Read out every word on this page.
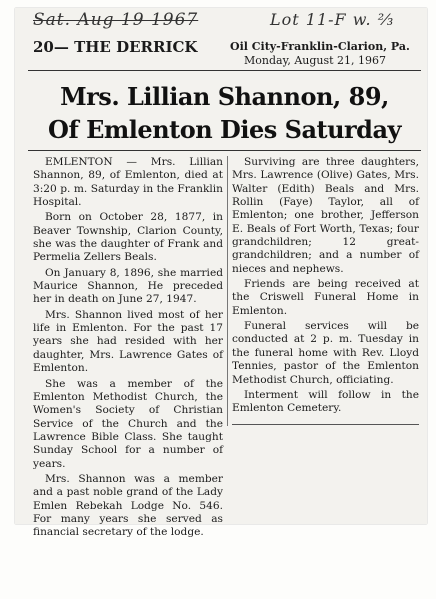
Sat. Aug 19 1967	Lot 11-F w. ⅔
20— THE DERRICK	Oil City-Franklin-Clarion, Pa.
Monday, August 21, 1967
Mrs. Lillian Shannon, 89,
Of Emlenton Dies Saturday

EMLENTON — Mrs. Lillian Shannon, 89, of Emlenton, died at 3:20 p. m. Saturday in the Franklin Hospital.

Born on October 28, 1877, in Beaver Township, Clarion County, she was the daughter of Frank and Permelia Zellers Beals.

On January 8, 1896, she married Maurice Shannon, He preceded her in death on June 27, 1947.

Mrs. Shannon lived most of her life in Emlenton. For the past 17 years she had resided with her daughter, Mrs. Lawrence Gates of Emlenton.

She was a member of the Emlenton Methodist Church, the Women's Society of Christian Service of the Church and the Lawrence Bible Class. She taught Sunday School for a number of years.

Mrs. Shannon was a member and a past noble grand of the Lady Emlen Rebekah Lodge No. 546. For many years she served as financial secretary of the lodge.

Surviving are three daughters, Mrs. Lawrence (Olive) Gates, Mrs. Walter (Edith) Beals and Mrs. Rollin (Faye) Taylor, all of Emlenton; one brother, Jefferson E. Beals of Fort Worth, Texas; four grandchildren; 12 great-grandchildren; and a number of nieces and nephews.

Friends are being received at the Criswell Funeral Home in Emlenton.

Funeral services will be conducted at 2 p. m. Tuesday in the funeral home with Rev. Lloyd Tennies, pastor of the Emlenton Methodist Church, officiating.

Interment will follow in the Emlenton Cemetery.
